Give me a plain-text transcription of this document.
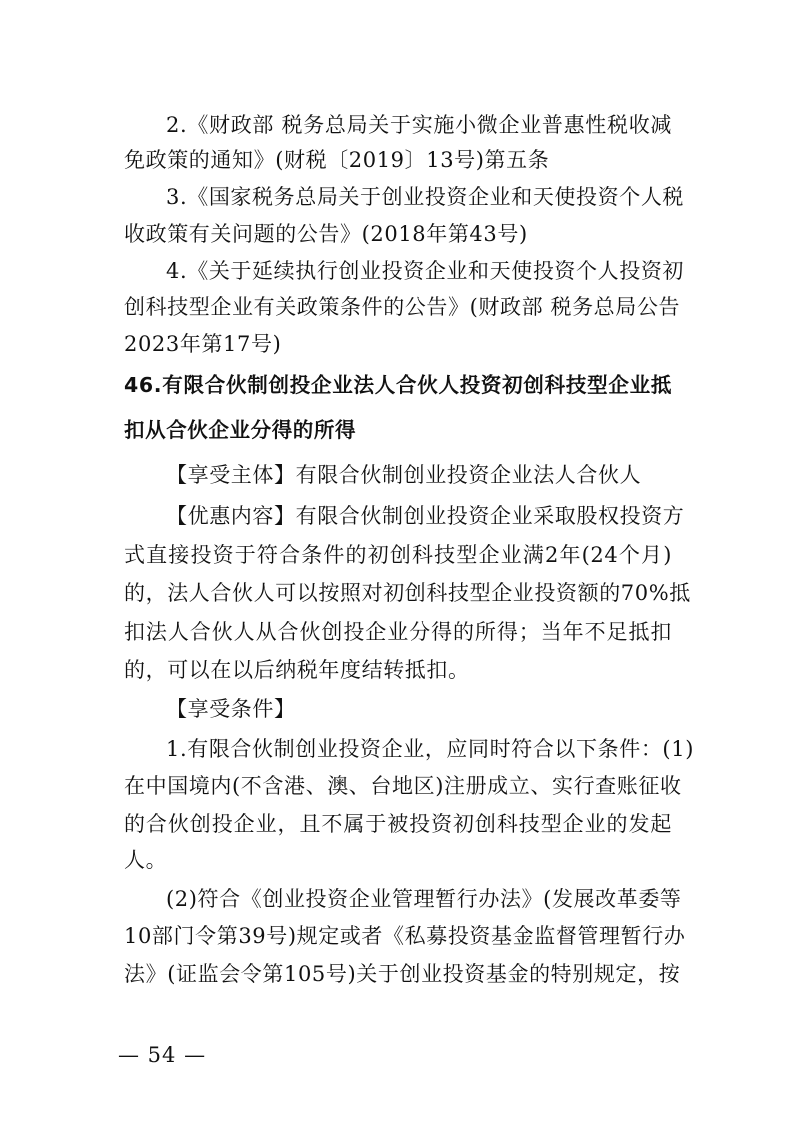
2.《财政部 税务总局关于实施小微企业普惠性税收减
免政策的通知》(财税〔2019〕13号)第五条
3.《国家税务总局关于创业投资企业和天使投资个人税
收政策有关问题的公告》(2018年第43号)
4.《关于延续执行创业投资企业和天使投资个人投资初
创科技型企业有关政策条件的公告》(财政部 税务总局公告
2023年第17号)
46.有限合伙制创投企业法人合伙人投资初创科技型企业抵
扣从合伙企业分得的所得
【享受主体】有限合伙制创业投资企业法人合伙人
【优惠内容】有限合伙制创业投资企业采取股权投资方
式直接投资于符合条件的初创科技型企业满2年(24个月)
的，法人合伙人可以按照对初创科技型企业投资额的70%抵
扣法人合伙人从合伙创投企业分得的所得；当年不足抵扣
的，可以在以后纳税年度结转抵扣。
【享受条件】
1.有限合伙制创业投资企业，应同时符合以下条件：(1)
在中国境内(不含港、澳、台地区)注册成立、实行查账征收
的合伙创投企业，且不属于被投资初创科技型企业的发起
人。
(2)符合《创业投资企业管理暂行办法》(发展改革委等
10部门令第39号)规定或者《私募投资基金监督管理暂行办
法》(证监会令第105号)关于创业投资基金的特别规定，按
— 54 —
